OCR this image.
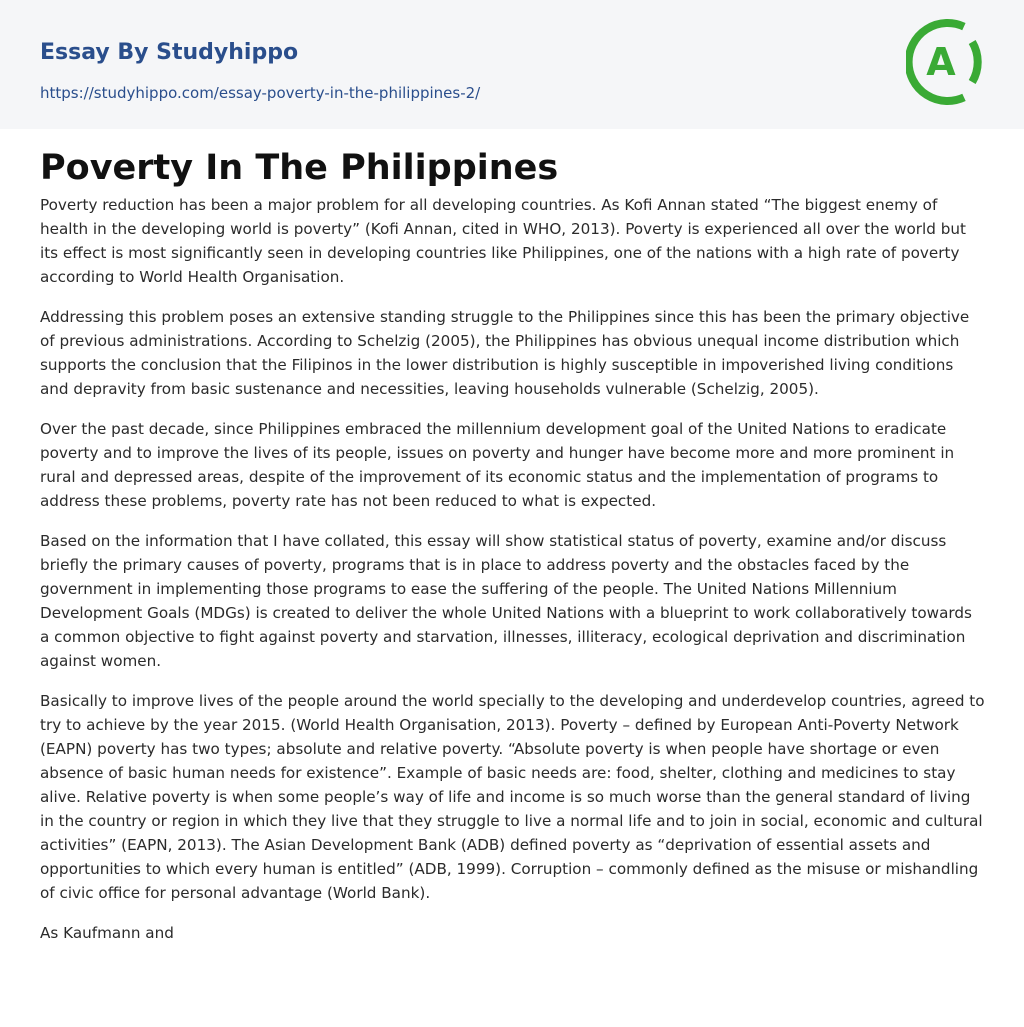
Essay By Studyhippo
https://studyhippo.com/essay-poverty-in-the-philippines-2/
A
Poverty In The Philippines

Poverty reduction has been a major problem for all developing countries. As Kofi Annan stated “The biggest enemy of health in the developing world is poverty” (Kofi Annan, cited in WHO, 2013). Poverty is experienced all over the world but its effect is most significantly seen in developing countries like Philippines, one of the nations with a high rate of poverty according to World Health Organisation.

Addressing this problem poses an extensive standing struggle to the Philippines since this has been the primary objective of previous administrations. According to Schelzig (2005), the Philippines has obvious unequal income distribution which supports the conclusion that the Filipinos in the lower distribution is highly susceptible in impoverished living conditions and depravity from basic sustenance and necessities, leaving households vulnerable (Schelzig, 2005).

Over the past decade, since Philippines embraced the millennium development goal of the United Nations to eradicate poverty and to improve the lives of its people, issues on poverty and hunger have become more and more prominent in rural and depressed areas, despite of the improvement of its economic status and the implementation of programs to address these problems, poverty rate has not been reduced to what is expected.

Based on the information that I have collated, this essay will show statistical status of poverty, examine and/or discuss briefly the primary causes of poverty, programs that is in place to address poverty and the obstacles faced by the government in implementing those programs to ease the suffering of the people. The United Nations Millennium Development Goals (MDGs) is created to deliver the whole United Nations with a blueprint to work collaboratively towards a common objective to fight against poverty and starvation, illnesses, illiteracy, ecological deprivation and discrimination against women.

Basically to improve lives of the people around the world specially to the developing and underdevelop countries, agreed to try to achieve by the year 2015. (World Health Organisation, 2013). Poverty – defined by European Anti-Poverty Network (EAPN) poverty has two types; absolute and relative poverty. “Absolute poverty is when people have shortage or even absence of basic human needs for existence”. Example of basic needs are: food, shelter, clothing and medicines to stay alive. Relative poverty is when some people’s way of life and income is so much worse than the general standard of living in the country or region in which they live that they struggle to live a normal life and to join in social, economic and cultural activities” (EAPN, 2013). The Asian Development Bank (ADB) defined poverty as “deprivation of essential assets and opportunities to which every human is entitled” (ADB, 1999). Corruption – commonly defined as the misuse or mishandling of civic office for personal advantage (World Bank).

As Kaufmann and
